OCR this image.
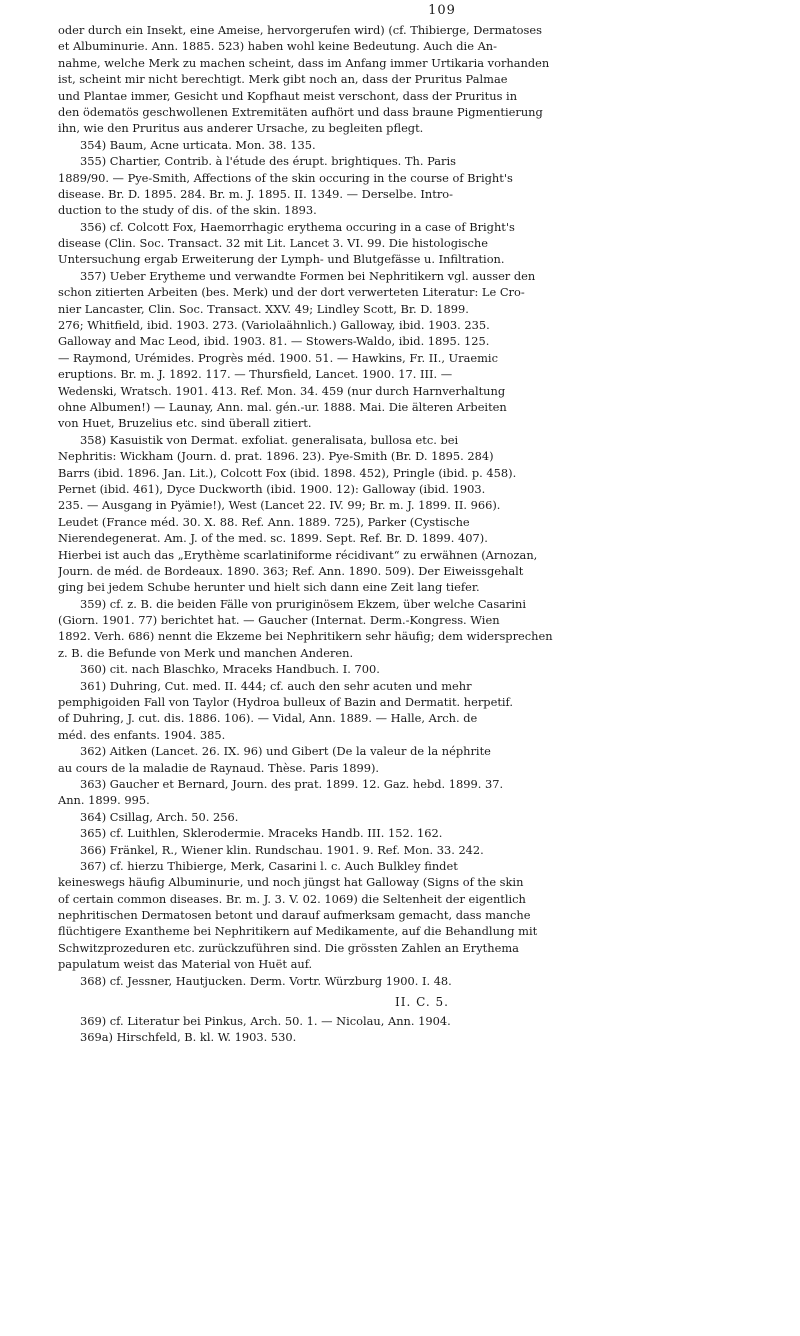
109
oder durch ein Insekt, eine Ameise, hervorgerufen wird) (cf. Thibierge, Dermatoses
et Albuminurie. Ann. 1885. 523) haben wohl keine Bedeutung. Auch die An-
nahme, welche Merk zu machen scheint, dass im Anfang immer Urtikaria vorhanden
ist, scheint mir nicht berechtigt. Merk gibt noch an, dass der Pruritus Palmae
und Plantae immer, Gesicht und Kopfhaut meist verschont, dass der Pruritus in
den ödematös geschwollenen Extremitäten aufhört und dass braune Pigmentierung
ihn, wie den Pruritus aus anderer Ursache, zu begleiten pflegt.
354) Baum, Acne urticata. Mon. 38. 135.
355) Chartier, Contrib. à l'étude des érupt. brightiques. Th. Paris
1889/90. — Pye-Smith, Affections of the skin occuring in the course of Bright's
disease. Br. D. 1895. 284. Br. m. J. 1895. II. 1349. — Derselbe. Intro-
duction to the study of dis. of the skin. 1893.
356) cf. Colcott Fox, Haemorrhagic erythema occuring in a case of Bright's
disease (Clin. Soc. Transact. 32 mit Lit. Lancet 3. VI. 99. Die histologische
Untersuchung ergab Erweiterung der Lymph- und Blutgefässe u. Infiltration.
357) Ueber Erytheme und verwandte Formen bei Nephritikern vgl. ausser den
schon zitierten Arbeiten (bes. Merk) und der dort verwerteten Literatur: Le Cro-
nier Lancaster, Clin. Soc. Transact. XXV. 49; Lindley Scott, Br. D. 1899.
276; Whitfield, ibid. 1903. 273. (Variolaähnlich.) Galloway, ibid. 1903. 235.
Galloway and Mac Leod, ibid. 1903. 81. — Stowers-Waldo, ibid. 1895. 125.
— Raymond, Urémides. Progrès méd. 1900. 51. — Hawkins, Fr. II., Uraemic
eruptions. Br. m. J. 1892. 117. — Thursfield, Lancet. 1900. 17. III. —
Wedenski, Wratsch. 1901. 413. Ref. Mon. 34. 459 (nur durch Harnverhaltung
ohne Albumen!) — Launay, Ann. mal. gén.-ur. 1888. Mai. Die älteren Arbeiten
von Huet, Bruzelius etc. sind überall zitiert.
358) Kasuistik von Dermat. exfoliat. generalisata, bullosa etc. bei
Nephritis: Wickham (Journ. d. prat. 1896. 23). Pye-Smith (Br. D. 1895. 284)
Barrs (ibid. 1896. Jan. Lit.), Colcott Fox (ibid. 1898. 452), Pringle (ibid. p. 458).
Pernet (ibid. 461), Dyce Duckworth (ibid. 1900. 12): Galloway (ibid. 1903.
235. — Ausgang in Pyämie!), West (Lancet 22. IV. 99; Br. m. J. 1899. II. 966).
Leudet (France méd. 30. X. 88. Ref. Ann. 1889. 725), Parker (Cystische
Nierendegenerat. Am. J. of the med. sc. 1899. Sept. Ref. Br. D. 1899. 407).
Hierbei ist auch das „Erythème scarlatiniforme récidivant“ zu erwähnen (Arnozan,
Journ. de méd. de Bordeaux. 1890. 363; Ref. Ann. 1890. 509). Der Eiweissgehalt
ging bei jedem Schube herunter und hielt sich dann eine Zeit lang tiefer.
359) cf. z. B. die beiden Fälle von pruriginösem Ekzem, über welche Casarini
(Giorn. 1901. 77) berichtet hat. — Gaucher (Internat. Derm.-Kongress. Wien
1892. Verh. 686) nennt die Ekzeme bei Nephritikern sehr häufig; dem widersprechen
z. B. die Befunde von Merk und manchen Anderen.
360) cit. nach Blaschko, Mraceks Handbuch. I. 700.
361) Duhring, Cut. med. II. 444; cf. auch den sehr acuten und mehr
pemphigoiden Fall von Taylor (Hydroa bulleux of Bazin and Dermatit. herpetif.
of Duhring, J. cut. dis. 1886. 106). — Vidal, Ann. 1889. — Halle, Arch. de
méd. des enfants. 1904. 385.
362) Aitken (Lancet. 26. IX. 96) und Gibert (De la valeur de la néphrite
au cours de la maladie de Raynaud. Thèse. Paris 1899).
363) Gaucher et Bernard, Journ. des prat. 1899. 12. Gaz. hebd. 1899. 37.
Ann. 1899. 995.
364) Csillag, Arch. 50. 256.
365) cf. Luithlen, Sklerodermie. Mraceks Handb. III. 152. 162.
366) Fränkel, R., Wiener klin. Rundschau. 1901. 9. Ref. Mon. 33. 242.
367) cf. hierzu Thibierge, Merk, Casarini l. c. Auch Bulkley findet
keineswegs häufig Albuminurie, und noch jüngst hat Galloway (Signs of the skin
of certain common diseases. Br. m. J. 3. V. 02. 1069) die Seltenheit der eigentlich
nephritischen Dermatosen betont und darauf aufmerksam gemacht, dass manche
flüchtigere Exantheme bei Nephritikern auf Medikamente, auf die Behandlung mit
Schwitzprozeduren etc. zurückzuführen sind. Die grössten Zahlen an Erythema
papulatum weist das Material von Huët auf.
368) cf. Jessner, Hautjucken. Derm. Vortr. Würzburg 1900. I. 48.
II. C. 5.
369) cf. Literatur bei Pinkus, Arch. 50. 1. — Nicolau, Ann. 1904.
369a) Hirschfeld, B. kl. W. 1903. 530.
